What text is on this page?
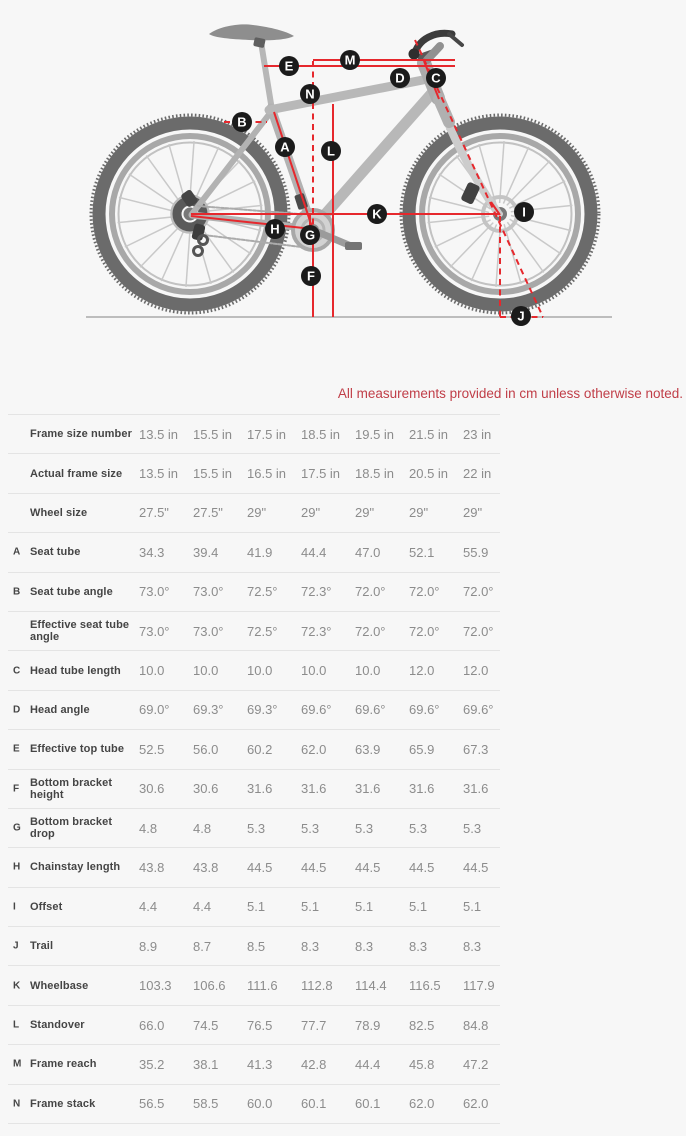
A
B
C
D
E
F
G
H
I
J
K
L
M
N
All measurements provided in cm unless otherwise noted.
Frame size number 13.5 in	15.5 in	17.5 in	18.5 in	19.5 in	21.5 in	23 in
Actual frame size	13.5 in	15.5 in	16.5 in	17.5 in	18.5 in	20.5 in	22 in
Wheel size	27.5"	27.5"	29"	29"	29"	29"	29"
A Seat tube	34.3	39.4	41.9	44.4	47.0	52.1	55.9
B Seat tube angle	73.0°	73.0°	72.5°	72.3°	72.0°	72.0°	72.0°
Effective seat tube angle	73.0°	73.0°	72.5°	72.3°	72.0°	72.0°	72.0°
C Head tube length	10.0	10.0	10.0	10.0	10.0	12.0	12.0
D Head angle	69.0°	69.3°	69.3°	69.6°	69.6°	69.6°	69.6°
E Effective top tube	52.5	56.0	60.2	62.0	63.9	65.9	67.3
F Bottom bracket height	30.6	30.6	31.6	31.6	31.6	31.6	31.6
G Bottom bracket drop	4.8	4.8	5.3	5.3	5.3	5.3	5.3
H Chainstay length	43.8	43.8	44.5	44.5	44.5	44.5	44.5
I Offset	4.4	4.4	5.1	5.1	5.1	5.1	5.1
J Trail	8.9	8.7	8.5	8.3	8.3	8.3	8.3
K Wheelbase	103.3	106.6	111.6	112.8	114.4	116.5	117.9
L Standover	66.0	74.5	76.5	77.7	78.9	82.5	84.8
M Frame reach	35.2	38.1	41.3	42.8	44.4	45.8	47.2
N Frame stack	56.5	58.5	60.0	60.1	60.1	62.0	62.0
